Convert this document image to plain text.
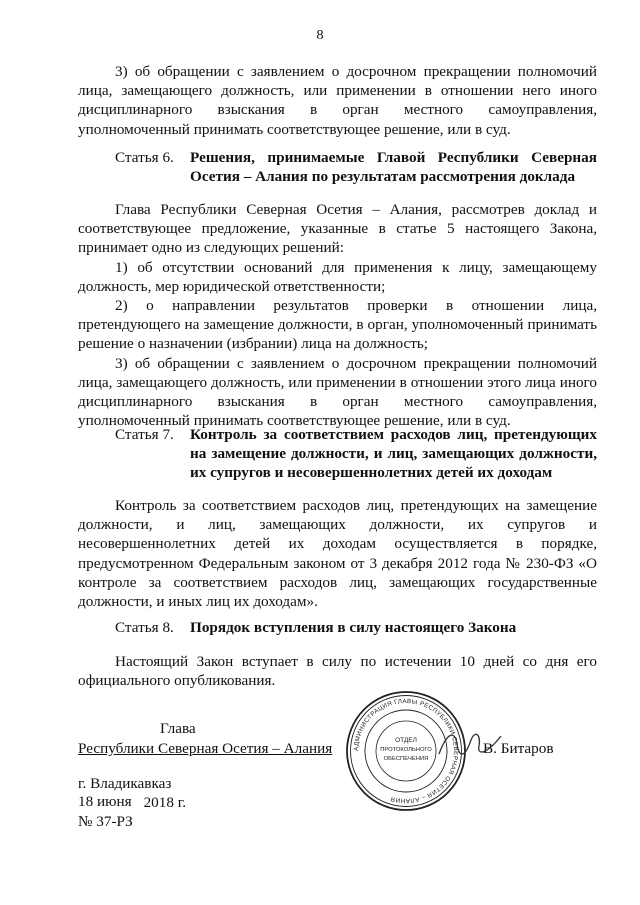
8

3) об обращении с заявлением о досрочном прекращении полномочий лица, замещающего должность, или применении в отношении него иного дисциплинарного взыскания в орган местного самоуправления, уполномоченный принимать соответствующее решение, или в суд.

Статья 6.	Решения, принимаемые Главой Республики Северная Осетия – Алания по результатам рассмотрения доклада

Глава Республики Северная Осетия – Алания, рассмотрев доклад и соответствующее предложение, указанные в статье 5 настоящего Закона, принимает одно из следующих решений:

1) об отсутствии оснований для применения к лицу, замещающему должность, мер юридической ответственности;

2) о направлении результатов проверки в отношении лица, претендующего на замещение должности, в орган, уполномоченный принимать решение о назначении (избрании) лица на должность;

3) об обращении с заявлением о досрочном прекращении полномочий лица, замещающего должность, или применении в отношении этого лица иного дисциплинарного взыскания в орган местного самоуправления, уполномоченный принимать соответствующее решение, или в суд.

Статья 7.	Контроль за соответствием расходов лиц, претендующих на замещение должности, и лиц, замещающих должности, их супругов и несовершеннолетних детей их доходам

Контроль за соответствием расходов лиц, претендующих на замещение должности, и лиц, замещающих должности, их супругов и несовершеннолетних детей их доходам осуществляется в порядке, предусмотренном Федеральным законом от 3 декабря 2012 года № 230-ФЗ «О контроле за соответствием расходов лиц, замещающих государственные должности, и иных лиц их доходам».

Статья 8.	Порядок вступления в силу настоящего Закона

Настоящий Закон вступает в силу по истечении 10 дней со дня его официального опубликования.

Глава
Республики Северная Осетия – Алания	В. Битаров
г. Владикавказ
18 июня 2018 г.
№ 37-РЗ
АДМИНИСТРАЦИЯ ГЛАВЫ РЕСПУБЛИКИ СЕВЕРНАЯ ОСЕТИЯ – АЛАНИЯ
ОТДЕЛ
ПРОТОКОЛЬНОГО
ОБЕСПЕЧЕНИЯ
